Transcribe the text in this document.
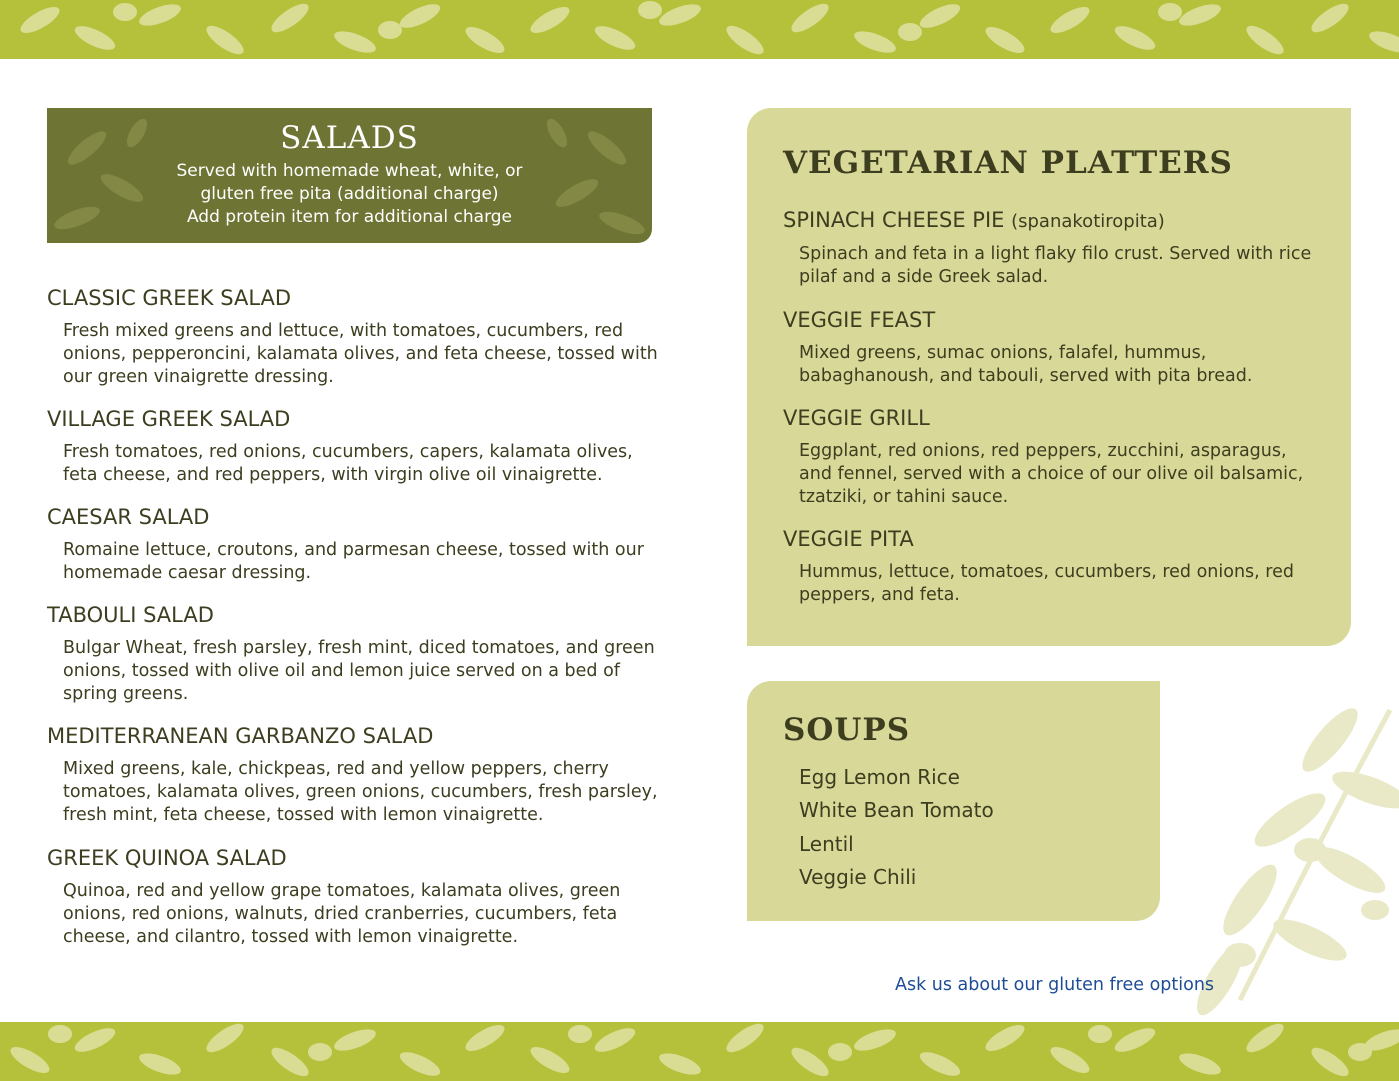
SALADS
Served with homemade wheat, white, or
gluten free pita (additional charge)
Add protein item for additional charge
CLASSIC GREEK SALAD
Fresh mixed greens and lettuce, with tomatoes, cucumbers, red
onions, pepperoncini, kalamata olives, and feta cheese, tossed with
our green vinaigrette dressing.
VILLAGE GREEK SALAD
Fresh tomatoes, red onions, cucumbers, capers, kalamata olives,
feta cheese, and red peppers, with virgin olive oil vinaigrette.
CAESAR SALAD
Romaine lettuce, croutons, and parmesan cheese, tossed with our
homemade caesar dressing.
TABOULI SALAD
Bulgar Wheat, fresh parsley, fresh mint, diced tomatoes, and green
onions, tossed with olive oil and lemon juice served on a bed of
spring greens.
MEDITERRANEAN GARBANZO SALAD
Mixed greens, kale, chickpeas, red and yellow peppers, cherry
tomatoes, kalamata olives, green onions, cucumbers, fresh parsley,
fresh mint, feta cheese, tossed with lemon vinaigrette.
GREEK QUINOA SALAD
Quinoa, red and yellow grape tomatoes, kalamata olives, green
onions, red onions, walnuts, dried cranberries, cucumbers, feta
cheese, and cilantro, tossed with lemon vinaigrette.
VEGETARIAN PLATTERS
SPINACH CHEESE PIE (spanakotiropita)
Spinach and feta in a light flaky filo crust. Served with rice
pilaf and a side Greek salad.
VEGGIE FEAST
Mixed greens, sumac onions, falafel, hummus,
babaghanoush, and tabouli, served with pita bread.
VEGGIE GRILL
Eggplant, red onions, red peppers, zucchini, asparagus,
and fennel, served with a choice of our olive oil balsamic,
tzatziki, or tahini sauce.
VEGGIE PITA
Hummus, lettuce, tomatoes, cucumbers, red onions, red
peppers, and feta.
SOUPS
Egg Lemon Rice
White Bean Tomato
Lentil
Veggie Chili
Ask us about our gluten free options
